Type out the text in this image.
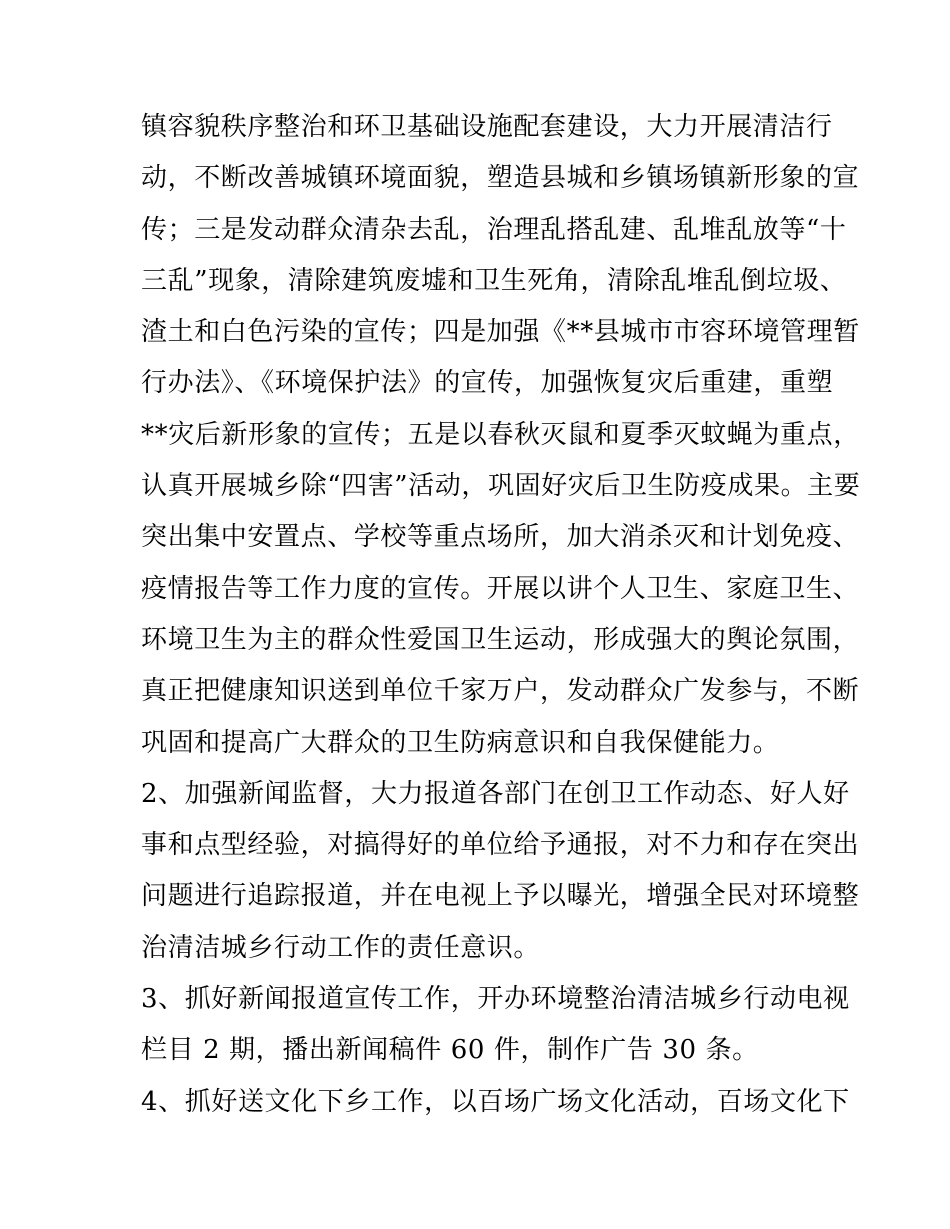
镇容貌秩序整治和环卫基础设施配套建设，大力开展清洁行
动，不断改善城镇环境面貌，塑造县城和乡镇场镇新形象的宣
传；三是发动群众清杂去乱，治理乱搭乱建、乱堆乱放等“十
三乱”现象，清除建筑废墟和卫生死角，清除乱堆乱倒垃圾、
渣土和白色污染的宣传；四是加强《**县城市市容环境管理暂
行办法》、《环境保护法》的宣传，加强恢复灾后重建，重塑
**灾后新形象的宣传；五是以春秋灭鼠和夏季灭蚊蝇为重点，
认真开展城乡除“四害”活动，巩固好灾后卫生防疫成果。主要
突出集中安置点、学校等重点场所，加大消杀灭和计划免疫、
疫情报告等工作力度的宣传。开展以讲个人卫生、家庭卫生、
环境卫生为主的群众性爱国卫生运动，形成强大的舆论氛围，
真正把健康知识送到单位千家万户，发动群众广发参与，不断
巩固和提高广大群众的卫生防病意识和自我保健能力。
2、加强新闻监督，大力报道各部门在创卫工作动态、好人好
事和点型经验，对搞得好的单位给予通报，对不力和存在突出
问题进行追踪报道，并在电视上予以曝光，增强全民对环境整
治清洁城乡行动工作的责任意识。
3、抓好新闻报道宣传工作，开办环境整治清洁城乡行动电视
栏目 2 期，播出新闻稿件 60 件，制作广告 30 条。
4、抓好送文化下乡工作，以百场广场文化活动，百场文化下
